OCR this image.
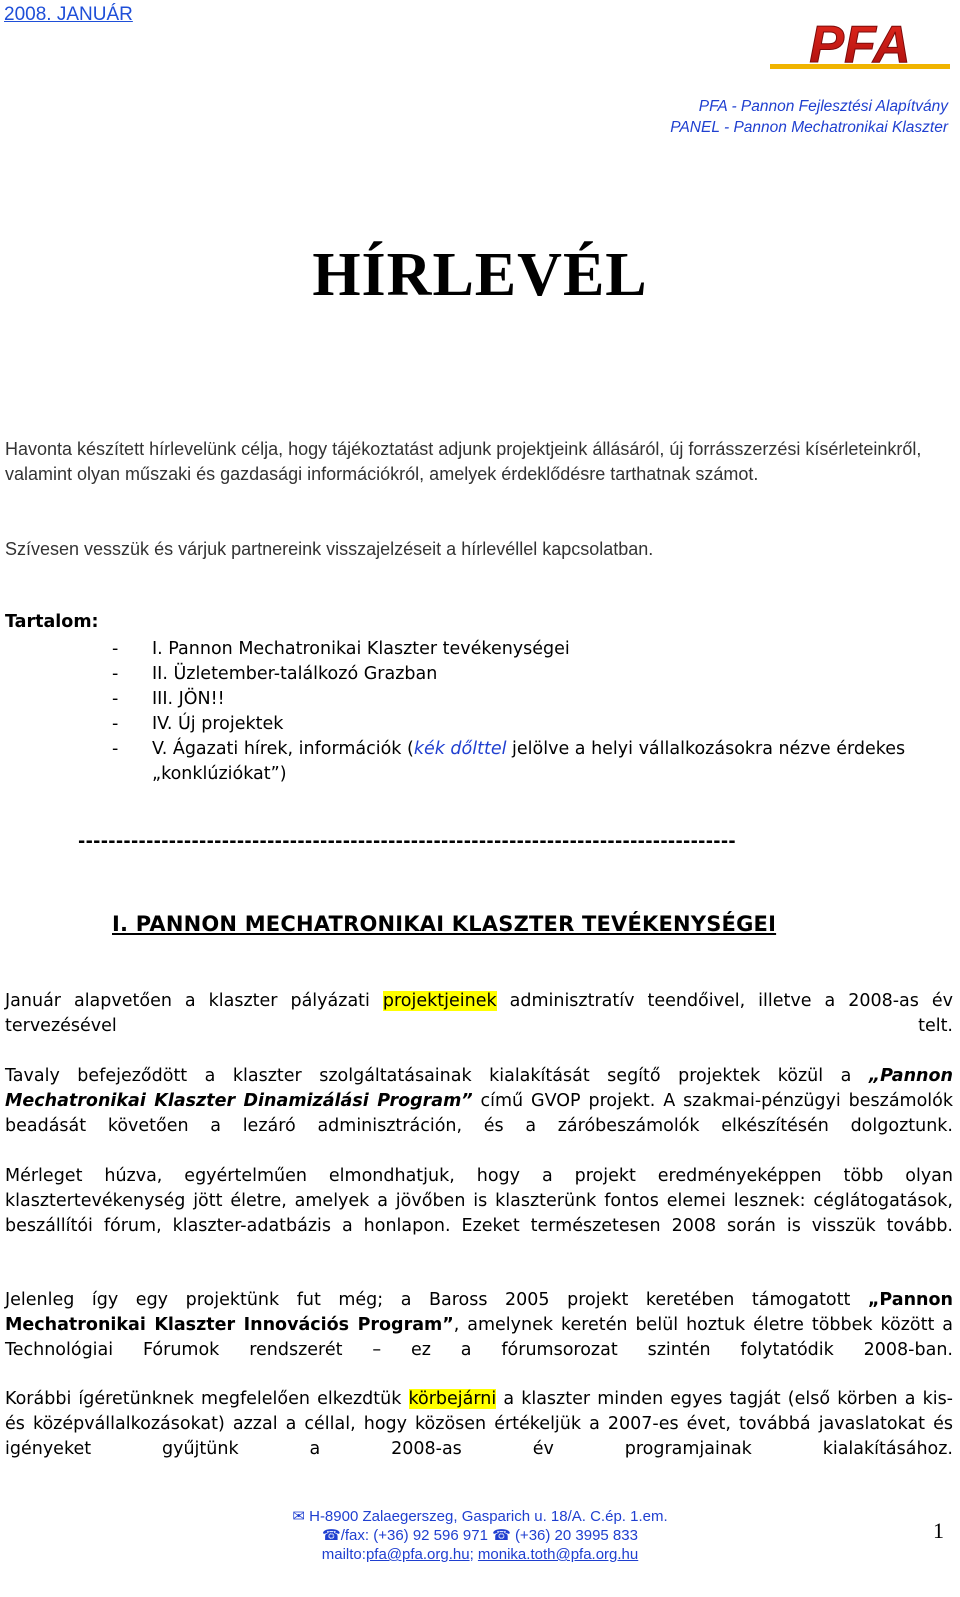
2008. JANUÁR
PFA
PFA - Pannon Fejlesztési Alapítvány
PANEL - Pannon Mechatronikai Klaszter
HÍRLEVÉL
Havonta készített hírlevelünk célja, hogy tájékoztatást adjunk projektjeink állásáról, új forrásszerzési kísérleteinkről, valamint olyan műszaki és gazdasági információkról, amelyek érdeklődésre tarthatnak számot.
Szívesen vesszük és várjuk partnereink visszajelzéseit a hírlevéllel kapcsolatban.
Tartalom:
- I. Pannon Mechatronikai Klaszter tevékenységei
- II. Üzletember-találkozó Grazban
- III. JÖN!!
- IV. Új projektek
- V. Ágazati hírek, információk (kék dőlttel jelölve a helyi vállalkozásokra nézve érdekes „konklúziókat”)
---------------------------------------------------------------------------------------
I. PANNON MECHATRONIKAI KLASZTER TEVÉKENYSÉGEI
Január alapvetően a klaszter pályázati projektjeinek adminisztratív teendőivel, illetve a 2008-as év tervezésével telt.
Tavaly befejeződött a klaszter szolgáltatásainak kialakítását segítő projektek közül a „Pannon Mechatronikai Klaszter Dinamizálási Program” című GVOP projekt. A szakmai-pénzügyi beszámolók beadását követően a lezáró adminisztráción, és a záróbeszámolók elkészítésén dolgoztunk.
Mérleget húzva, egyértelműen elmondhatjuk, hogy a projekt eredményeképpen több olyan klasztertevékenység jött életre, amelyek a jövőben is klaszterünk fontos elemei lesznek: céglátogatások, beszállítói fórum, klaszter-adatbázis a honlapon. Ezeket természetesen 2008 során is visszük tovább.
Jelenleg így egy projektünk fut még; a Baross 2005 projekt keretében támogatott „Pannon Mechatronikai Klaszter Innovációs Program”, amelynek keretén belül hoztuk életre többek között a Technológiai Fórumok rendszerét – ez a fórumsorozat szintén folytatódik 2008-ban.
Korábbi ígéretünknek megfelelően elkezdtük körbejárni a klaszter minden egyes tagját (első körben a kis- és középvállalkozásokat) azzal a céllal, hogy közösen értékeljük a 2007-es évet, továbbá javaslatokat és igényeket gyűjtünk a 2008-as év programjainak kialakításához.
✉ H-8900 Zalaegerszeg, Gasparich u. 18/A. C.ép. 1.em.
☎/fax: (+36) 92 596 971 ☎ (+36) 20 3995 833
mailto:pfa@pfa.org.hu; monika.toth@pfa.org.hu
1
